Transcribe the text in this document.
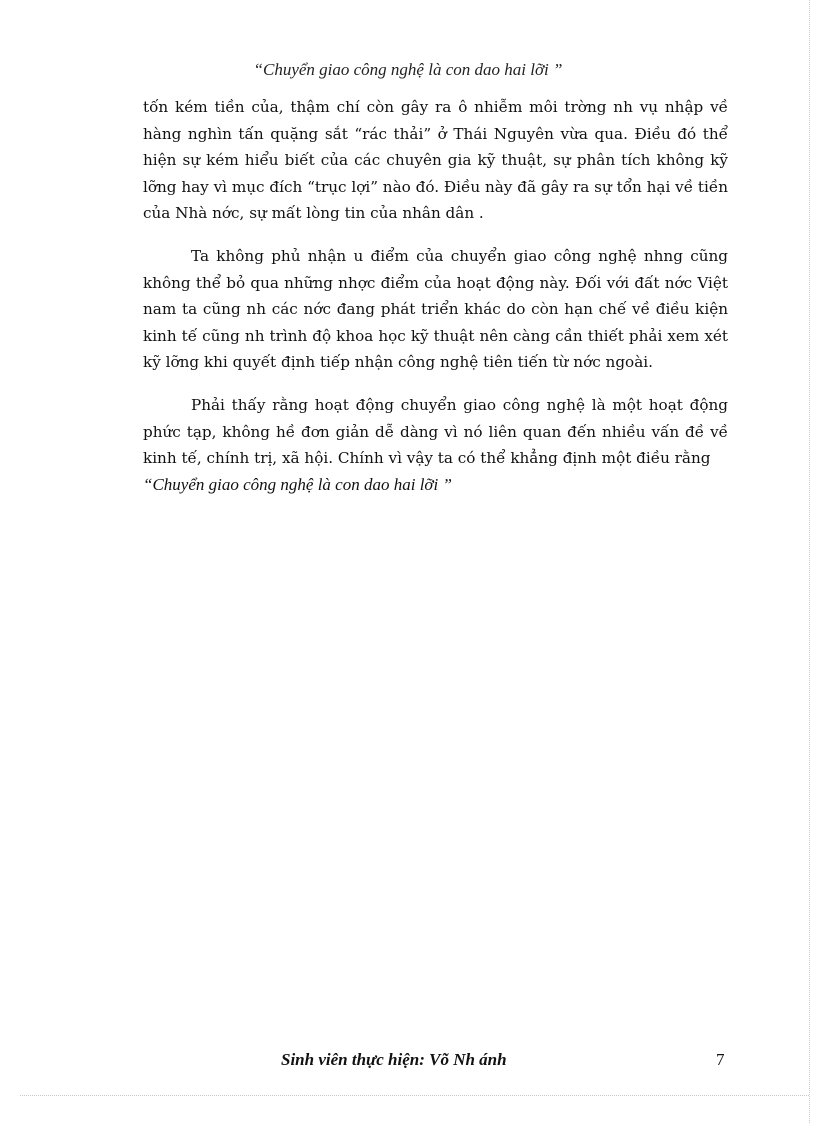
“Chuyển giao công nghệ là con dao hai lỡi ”

tốn kém tiền của, thậm chí còn gây ra ô nhiễm môi trờng nh vụ nhập về hàng nghìn tấn quặng sắt “rác thải” ở Thái Nguyên vừa qua. Điều đó thể hiện sự kém hiểu biết của các chuyên gia kỹ thuật, sự phân tích không kỹ lỡng hay vì mục đích “trục lợi” nào đó. Điều này đã gây ra sự tổn hại về tiền của Nhà nớc, sự mất lòng tin của nhân dân .

Ta không phủ nhận u điểm của chuyển giao công nghệ nhng cũng không thể bỏ qua những nhợc điểm của hoạt động này. Đối với đất nớc Việt nam ta cũng nh các nớc đang phát triển khác do còn hạn chế về điều kiện kinh tế cũng nh trình độ khoa học kỹ thuật nên càng cần thiết phải xem xét kỹ lỡng khi quyết định tiếp nhận công nghệ tiên tiến từ nớc ngoài.

Phải thấy rằng hoạt động chuyển giao công nghệ là một hoạt động phức tạp, không hề đơn giản dễ dàng vì nó liên quan đến nhiều vấn đề về kinh tế, chính trị, xã hội. Chính vì vậy ta có thể khẳng định một điều rằng

“Chuyển giao công nghệ là con dao hai lỡi ”
Sinh viên thực hiện: Võ Nh ánh	7
